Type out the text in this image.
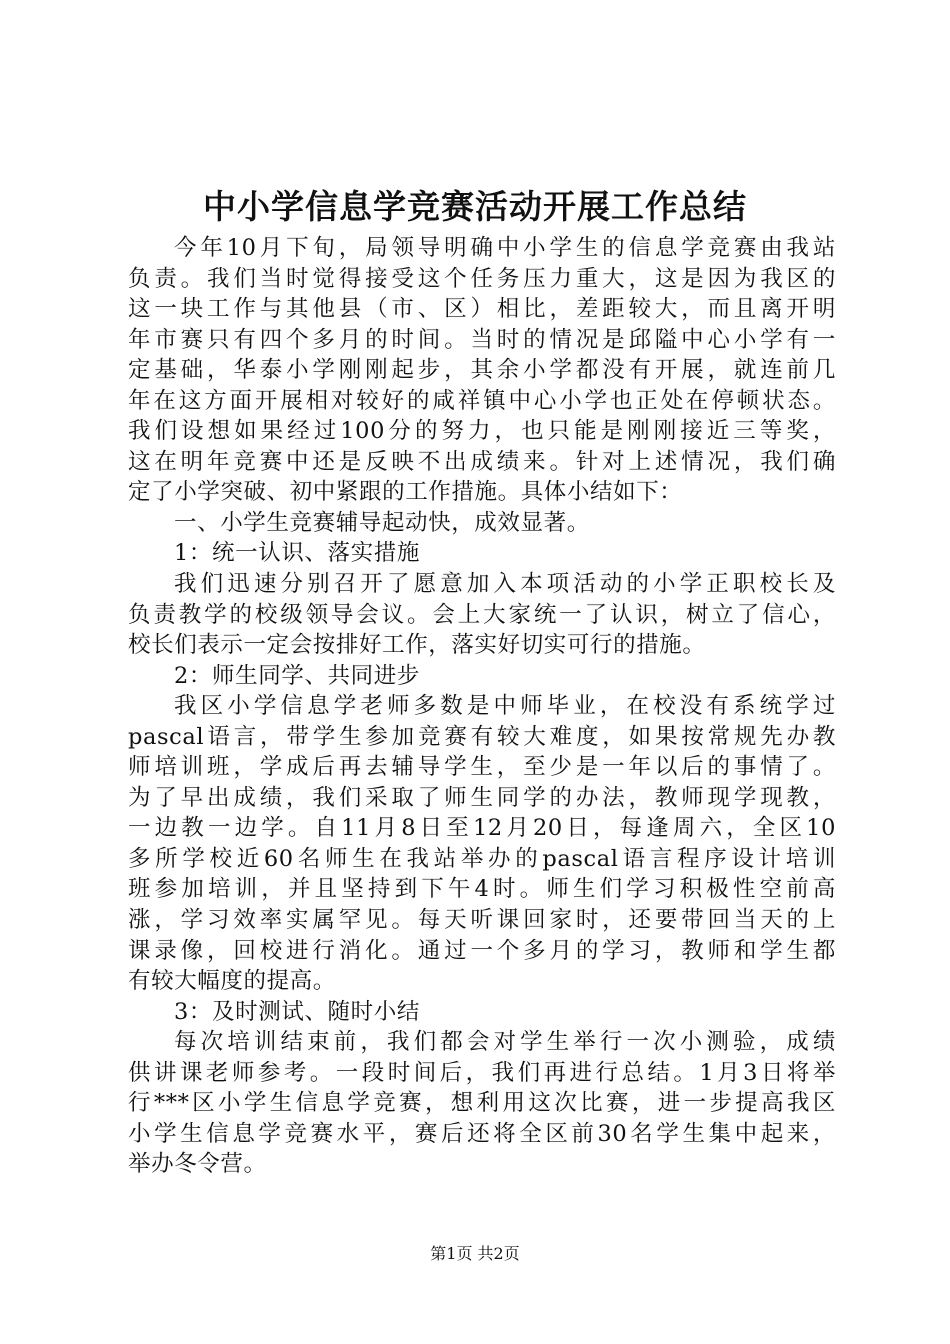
中小学信息学竞赛活动开展工作总结
今年10月下旬，局领导明确中小学生的信息学竞赛由我站
负责。我们当时觉得接受这个任务压力重大，这是因为我区的
这一块工作与其他县（市、区）相比，差距较大，而且离开明
年市赛只有四个多月的时间。当时的情况是邱隘中心小学有一
定基础，华泰小学刚刚起步，其余小学都没有开展，就连前几
年在这方面开展相对较好的咸祥镇中心小学也正处在停顿状态。
我们设想如果经过100分的努力，也只能是刚刚接近三等奖，
这在明年竞赛中还是反映不出成绩来。针对上述情况，我们确
定了小学突破、初中紧跟的工作措施。具体小结如下：
一、小学生竞赛辅导起动快，成效显著。
1：统一认识、落实措施
我们迅速分别召开了愿意加入本项活动的小学正职校长及
负责教学的校级领导会议。会上大家统一了认识，树立了信心，
校长们表示一定会按排好工作，落实好切实可行的措施。
2：师生同学、共同进步
我区小学信息学老师多数是中师毕业，在校没有系统学过
pascal语言，带学生参加竞赛有较大难度，如果按常规先办教
师培训班，学成后再去辅导学生，至少是一年以后的事情了。
为了早出成绩，我们采取了师生同学的办法，教师现学现教，
一边教一边学。自11月8日至12月20日，每逢周六，全区10
多所学校近60名师生在我站举办的pascal语言程序设计培训
班参加培训，并且坚持到下午4时。师生们学习积极性空前高
涨，学习效率实属罕见。每天听课回家时，还要带回当天的上
课录像，回校进行消化。通过一个多月的学习，教师和学生都
有较大幅度的提高。
3：及时测试、随时小结
每次培训结束前，我们都会对学生举行一次小测验，成绩
供讲课老师参考。一段时间后，我们再进行总结。1月3日将举
行***区小学生信息学竞赛，想利用这次比赛，进一步提高我区
小学生信息学竞赛水平，赛后还将全区前30名学生集中起来，
举办冬令营。
第1页 共2页
